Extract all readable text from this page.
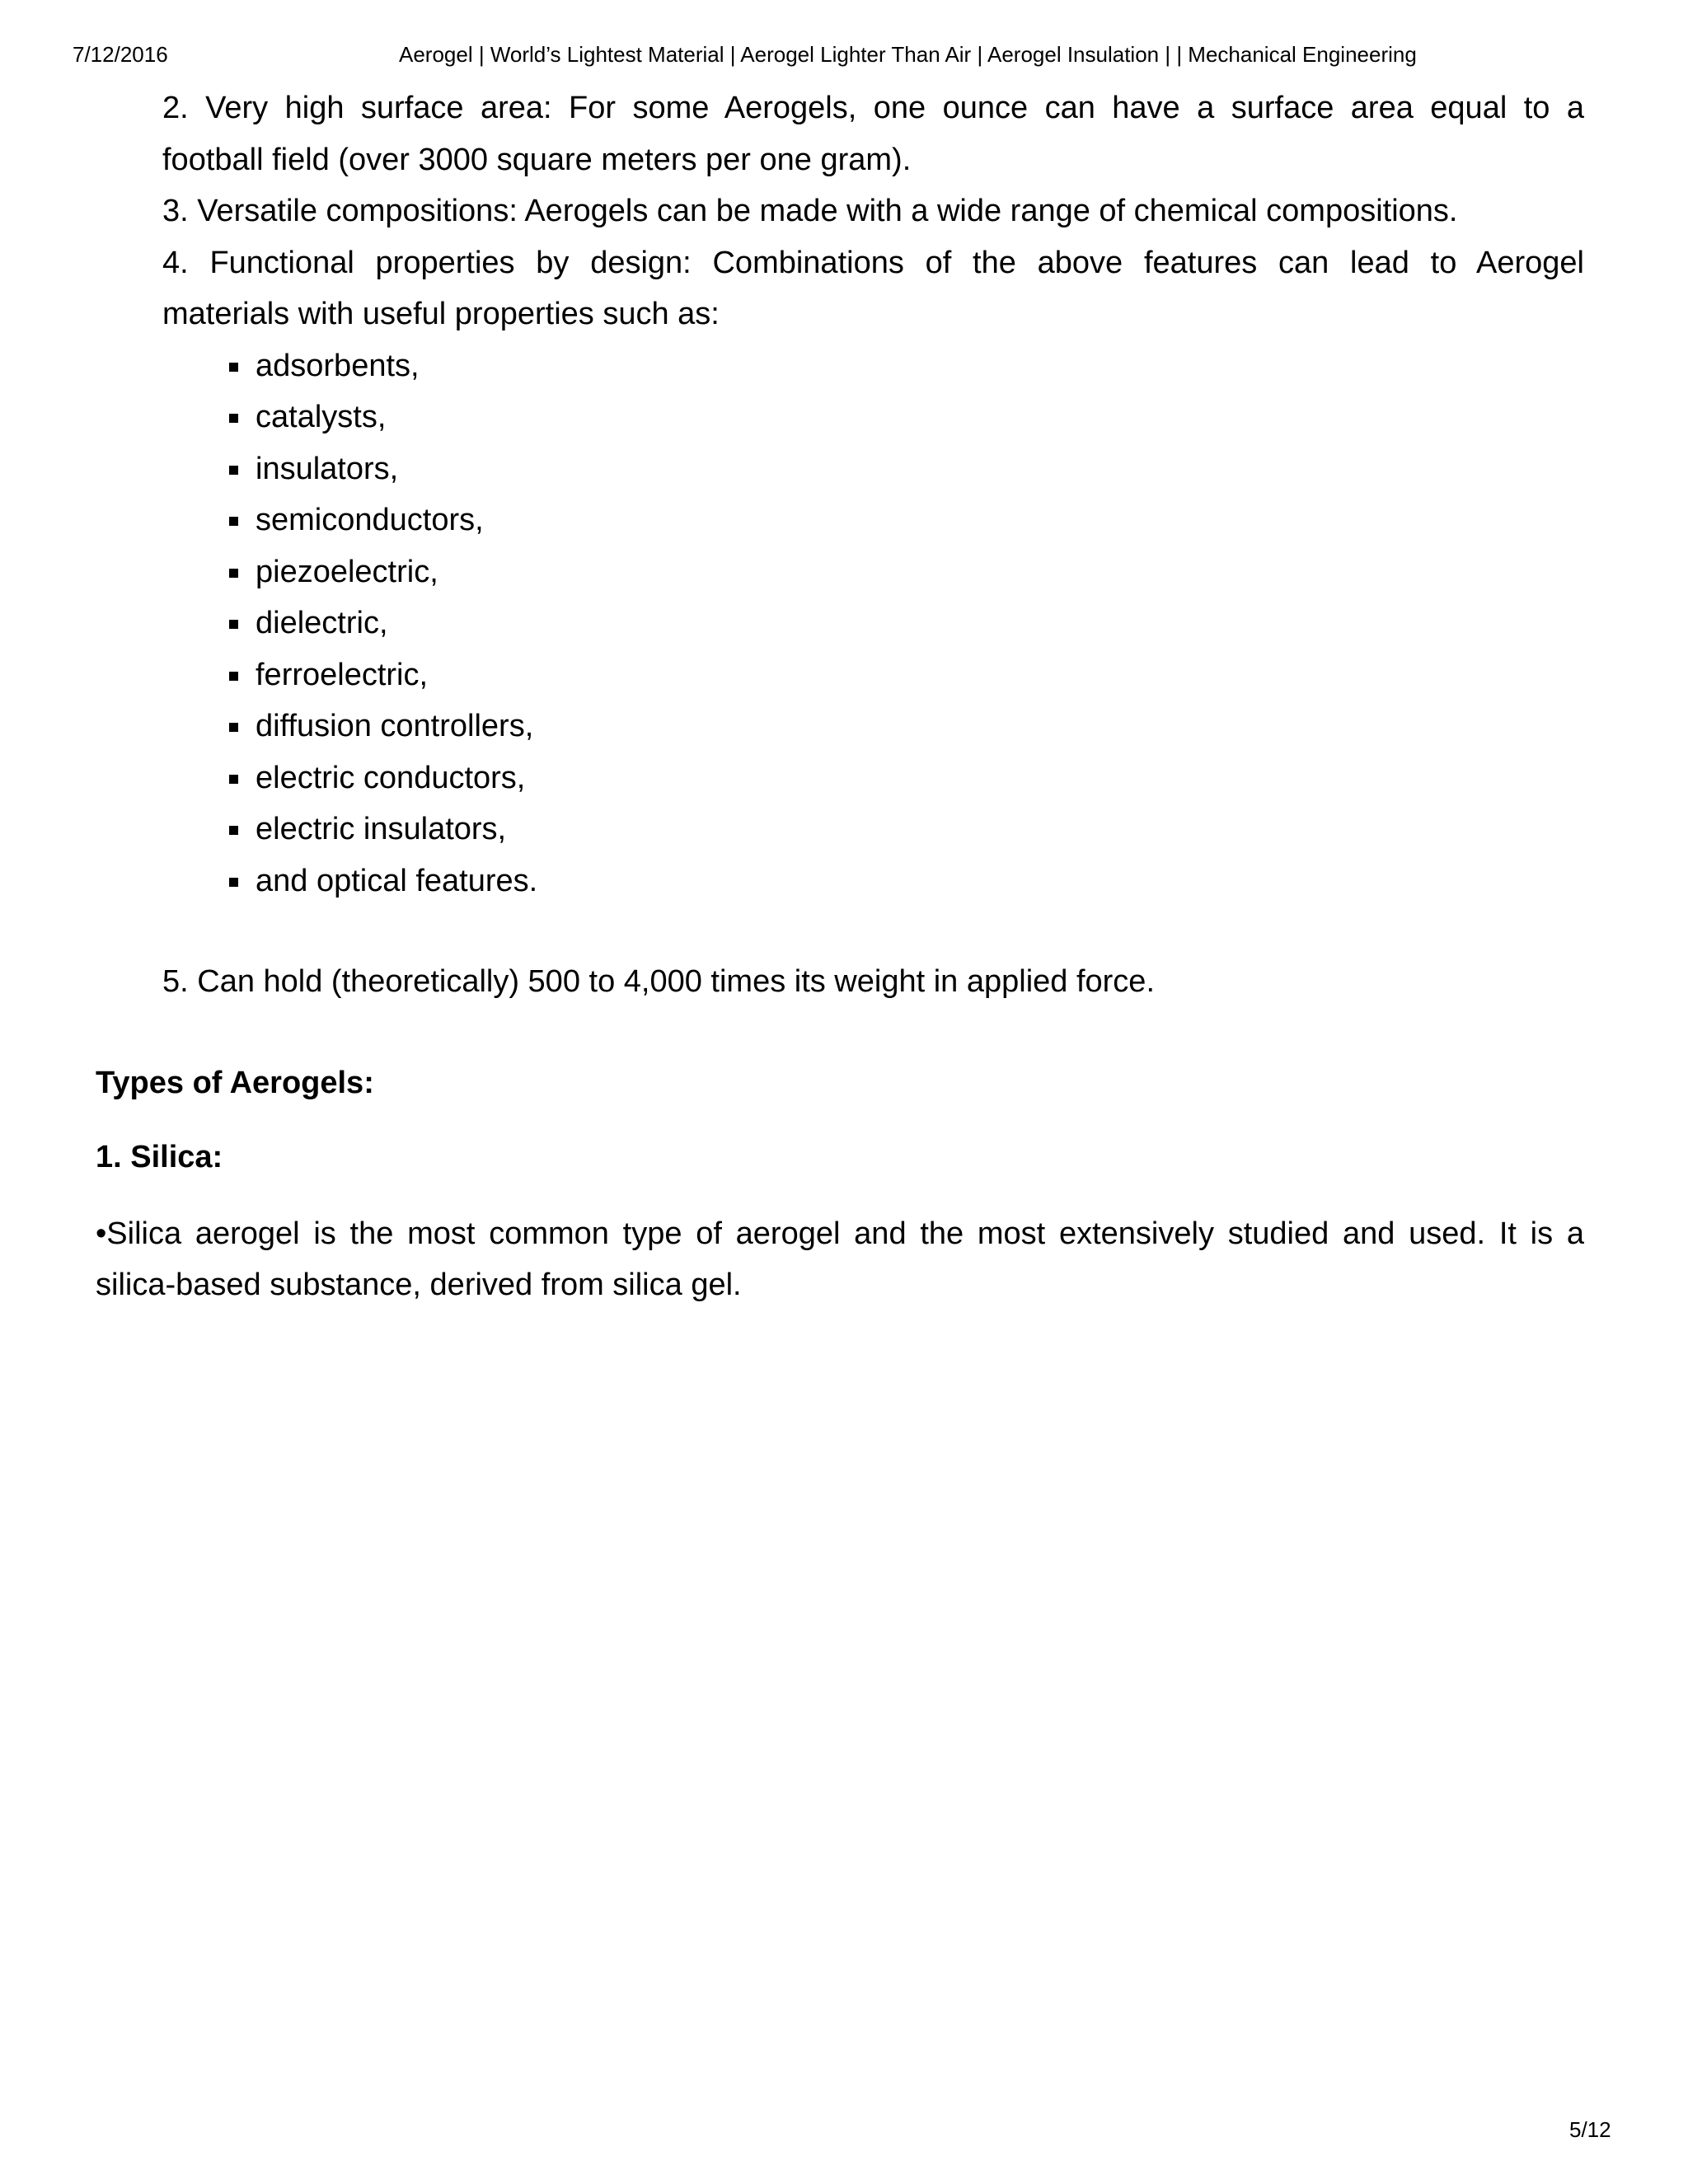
7/12/2016	Aerogel | World’s Lightest Material | Aerogel Lighter Than Air | Aerogel Insulation | | Mechanical Engineering

2. Very high surface area: For some Aerogels, one ounce can have a surface area equal to a

football field (over 3000 square meters per one gram).

3. Versatile compositions: Aerogels can be made with a wide range of chemical compositions.

4. Functional properties by design: Combinations of the above features can lead to Aerogel

materials with useful properties such as:

adsorbents,
catalysts,
insulators,
semiconductors,
piezoelectric,
dielectric,
ferroelectric,
diffusion controllers,
electric conductors,
electric insulators,
and optical features.

5. Can hold (theoretically) 500 to 4,000 times its weight in applied force.

Types of Aerogels:
1. Silica:

•Silica aerogel is the most common type of aerogel and the most extensively studied and used. It is a

silica-based substance, derived from silica gel.

5/12
